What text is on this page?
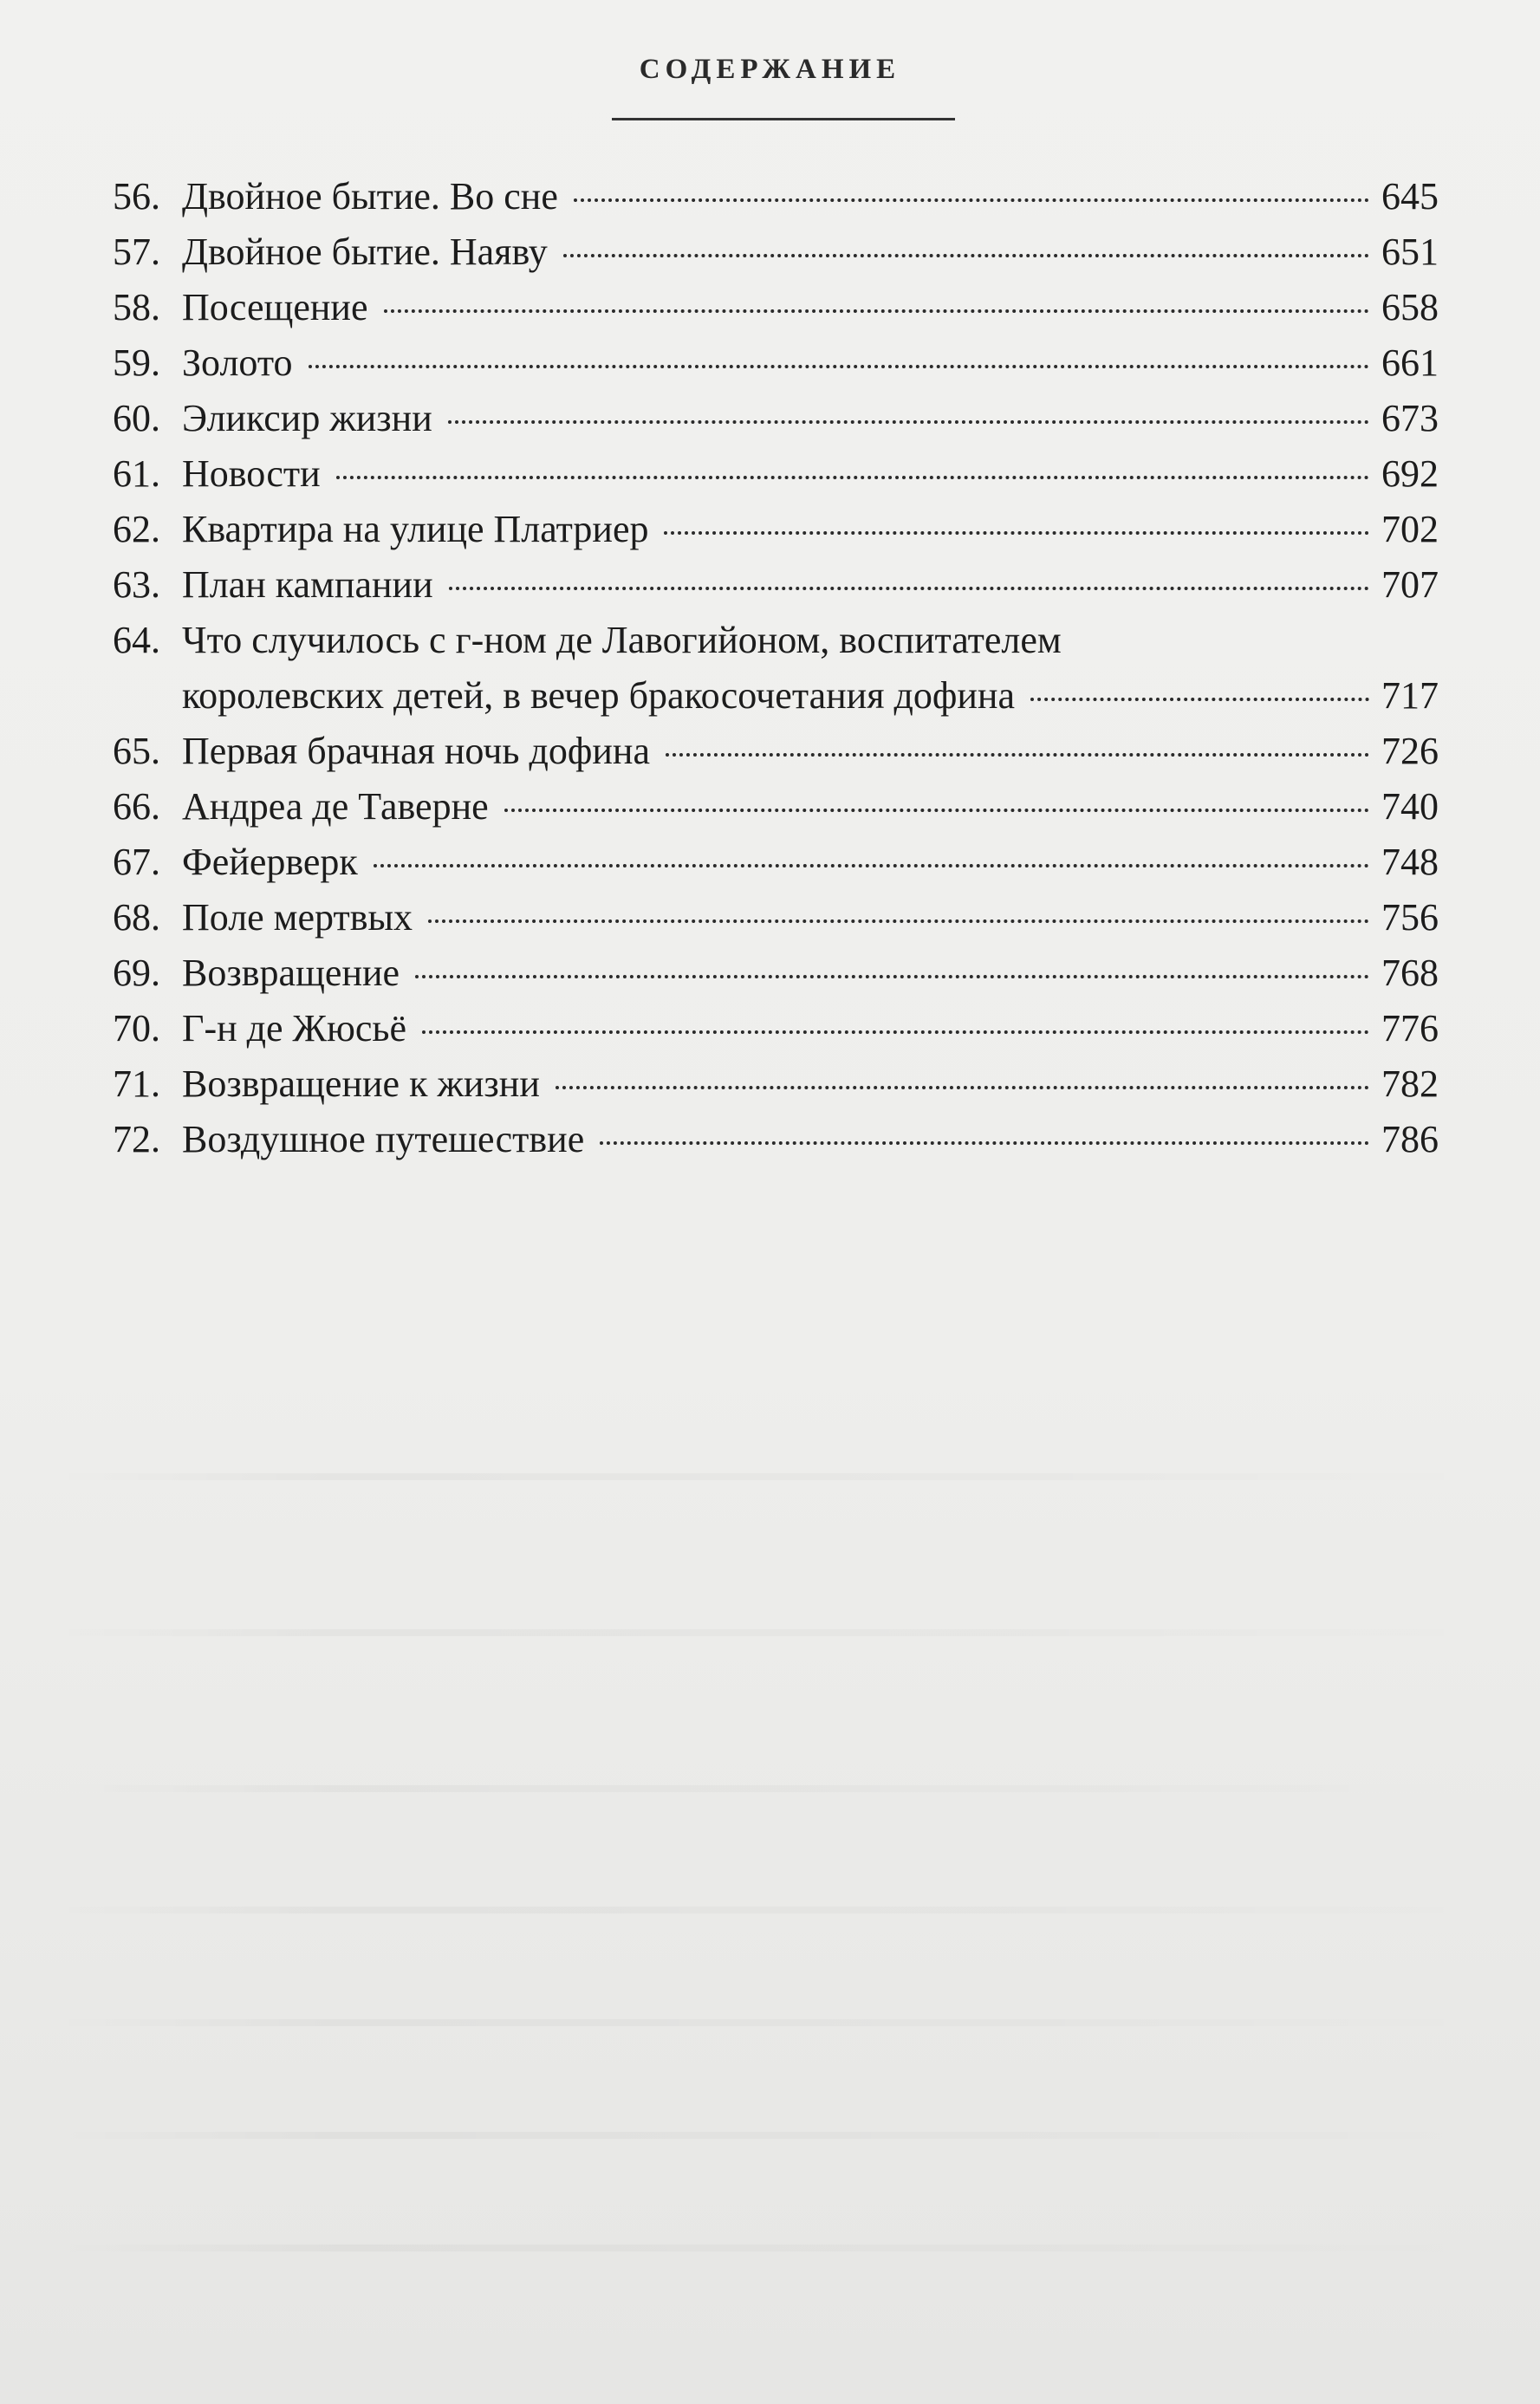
СОДЕРЖАНИЕ
56. Двойное бытие. Во сне	645
57. Двойное бытие. Наяву	651
58. Посещение	658
59. Золото	661
60. Эликсир жизни	673
61. Новости	692
62. Квартира на улице Платриер	702
63. План кампании	707
64. Что случилось с г-ном де Лавогийоном, воспитателем
королевских детей, в вечер бракосочетания дофина	717
65. Первая брачная ночь дофина	726
66. Андреа де Таверне	740
67. Фейерверк	748
68. Поле мертвых	756
69. Возвращение	768
70. Г-н де Жюсьё	776
71. Возвращение к жизни	782
72. Воздушное путешествие	786
